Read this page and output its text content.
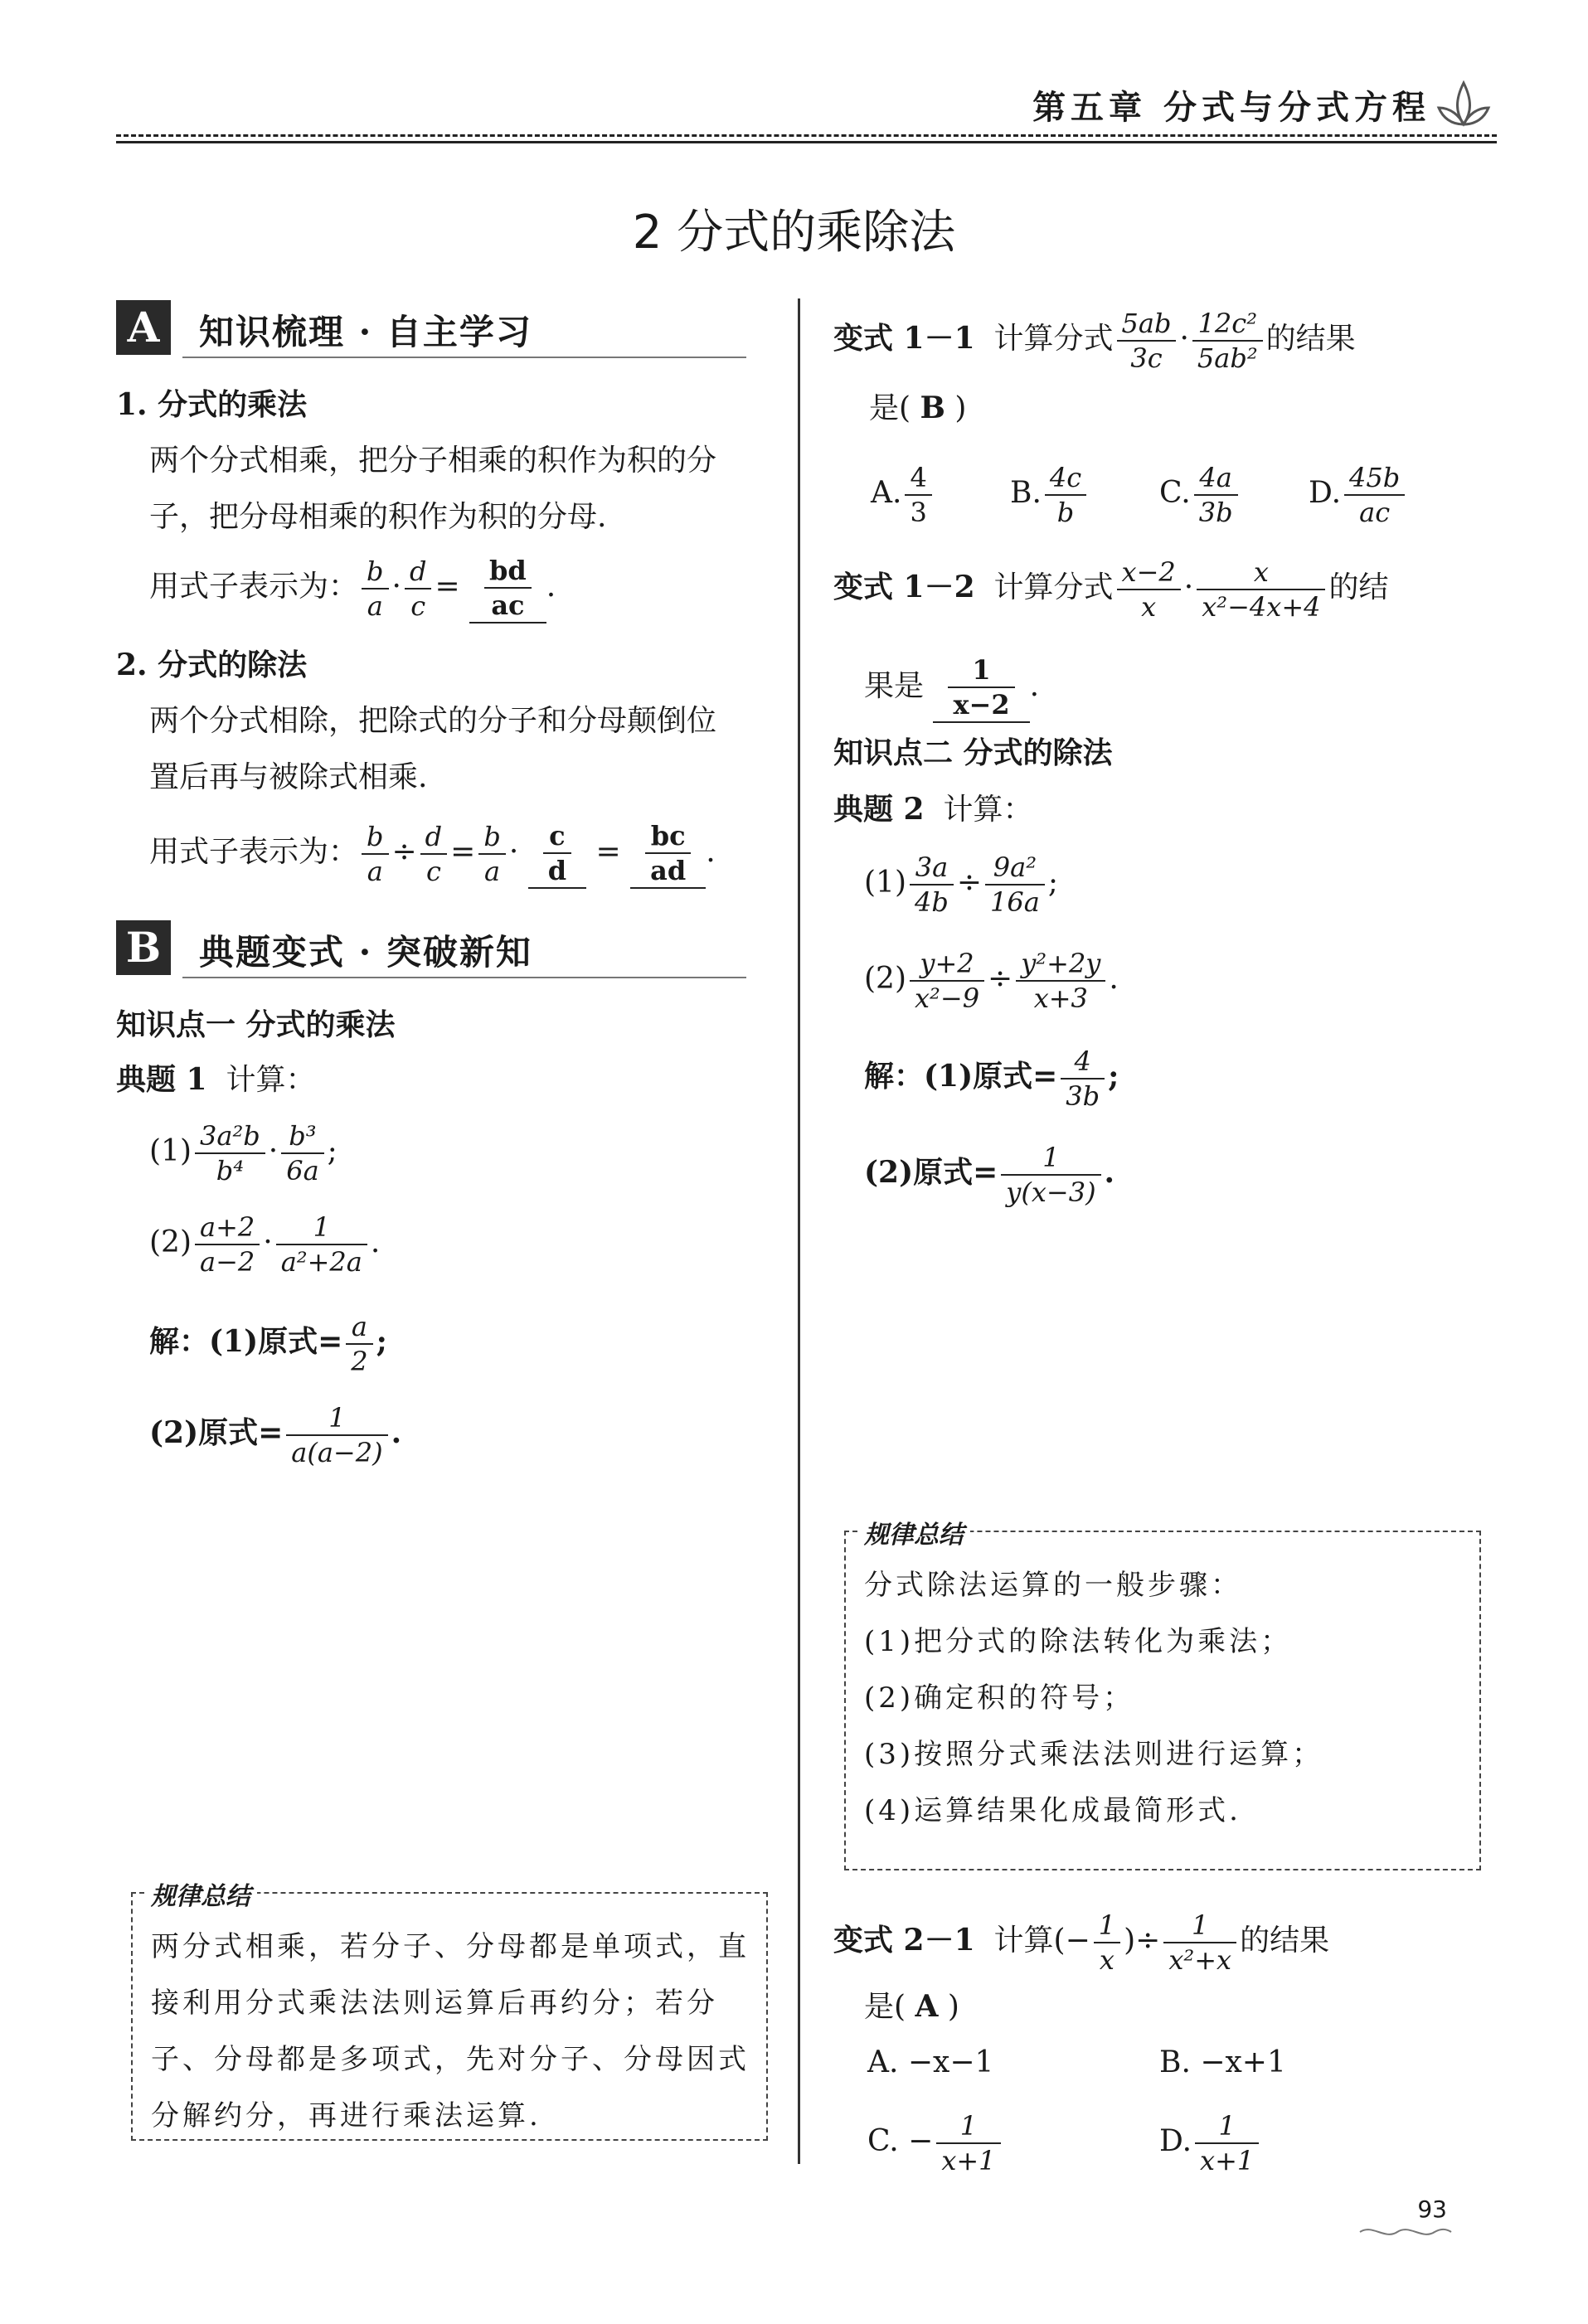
第五章 分式与分式方程
2 分式的乘除法
A	知识梳理 · 自主学习
1. 分式的乘法
两个分式相乘，把分子相乘的积作为积的分
子，把分母相乘的积作为积的分母.
用式子表示为： $\frac{b}{a} \cdot \frac{d}{c} = \frac{bd}{ac}$ .
2. 分式的除法
两个分式相除，把除式的分子和分母颠倒位
置后再与被除式相乘.
用式子表示为： $\frac{b}{a} \div \frac{d}{c} = \frac{b}{a} \cdot \frac{c}{d} = \frac{bc}{ad}$ .
B 典题变式 · 突破新知
知识点一 分式的乘法
典题 1 计算：
$(1) \frac{\text{3a²b}}{\text{b⁴}} \cdot \frac{\text{b³}}{6a}$ ;
$(2) \frac{a+2}{a-2} \cdot \frac{1}{\text{a²+2a}}$ .
解：(1)原式= $\frac{a}{2}$ ;
(2)原式= $\frac{1}{a(a-2)}$ .
规律总结
两分式相乘，若分子、分母都是单项式，直
接利用分式乘法法则运算后再约分；若分
子、分母都是多项式，先对分子、分母因式
分解约分，再进行乘法运算.
变式 1－1 计算分式 $\frac{5ab}{3c} \cdot \frac{\text{12c²}}{\text{5ab²}}$ 的结果
是( B )
A. $\frac{4}{3}$	B. $\frac{4c}{b} C$. $\frac{4a}{3b} D$. $\frac{45b}{ac}$
变式 1－2 计算分式 $\frac{x-2}{x} \cdot \frac{x}{\text{x²−4x+4}}$ 的结
果是 $\frac{1}{x-2}$ .
知识点二 分式的除法
典题 2 计算：
$(1) \frac{3a}{4b} \div \frac{\text{9a²}}{16a}$ ;
$(2) \frac{y+2}{\text{x²−9}} \div \frac{\text{y²+2y}}{x+3}$ .
解：(1)原式= $\frac{4}{3b}$ ;
(2)原式= $\frac{1}{y(x-3)}$ .
规律总结
分式除法运算的一般步骤：
(1)把分式的除法转化为乘法；
(2)确定积的符号；
(3)按照分式乘法法则进行运算；
(4)运算结果化成最简形式.
变式 2－1 计算(− $\frac{1}{x}$ )÷ $\frac{1}{\text{x²+x}}$ 的结果
是( A )
A. −x−1	B. −x+1
C. − $\frac{1}{x+1}$	D. $\frac{1}{x+1}$
93
